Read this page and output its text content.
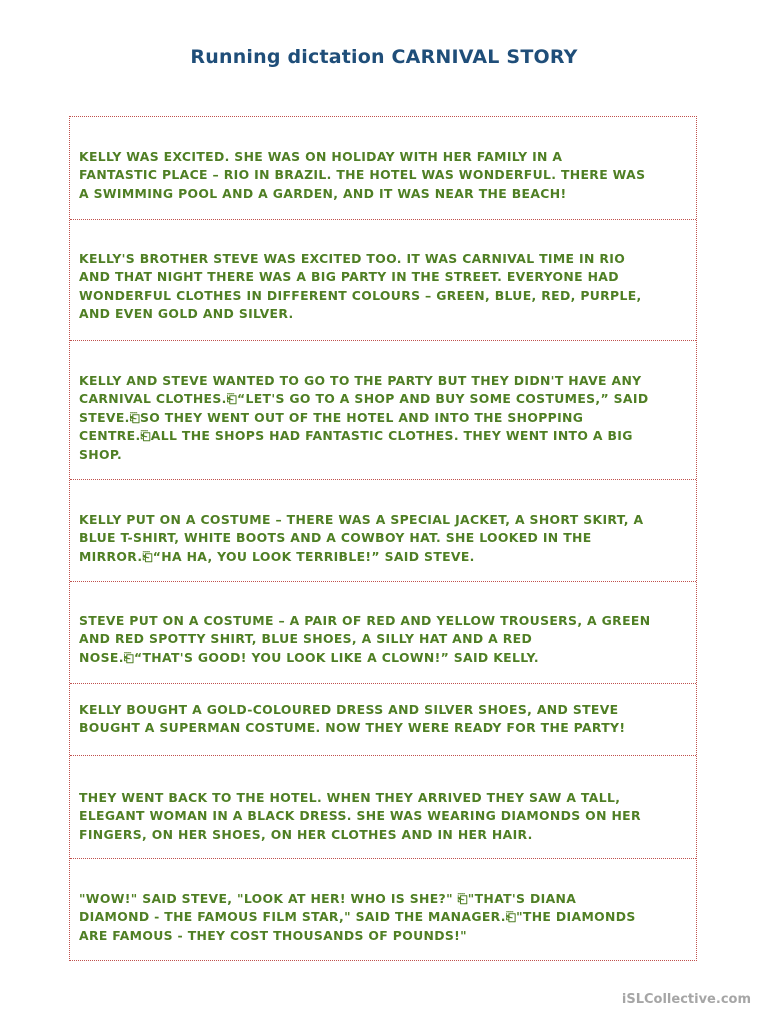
Running dictation CARNIVAL STORY
KELLY WAS EXCITED. SHE WAS ON HOLIDAY WITH HER FAMILY IN A
FANTASTIC PLACE – RIO IN BRAZIL. THE HOTEL WAS WONDERFUL. THERE WAS
A SWIMMING POOL AND A GARDEN, AND IT WAS NEAR THE BEACH!
KELLY'S BROTHER STEVE WAS EXCITED TOO. IT WAS CARNIVAL TIME IN RIO
AND THAT NIGHT THERE WAS A BIG PARTY IN THE STREET. EVERYONE HAD
WONDERFUL CLOTHES IN DIFFERENT COLOURS – GREEN, BLUE, RED, PURPLE,
AND EVEN GOLD AND SILVER.
KELLY AND STEVE WANTED TO GO TO THE PARTY BUT THEY DIDN'T HAVE ANY
CARNIVAL CLOTHES.⎗“LET'S GO TO A SHOP AND BUY SOME COSTUMES,” SAID
STEVE.⎗SO THEY WENT OUT OF THE HOTEL AND INTO THE SHOPPING
CENTRE.⎗ALL THE SHOPS HAD FANTASTIC CLOTHES. THEY WENT INTO A BIG
SHOP.
KELLY PUT ON A COSTUME – THERE WAS A SPECIAL JACKET, A SHORT SKIRT, A
BLUE T-SHIRT, WHITE BOOTS AND A COWBOY HAT. SHE LOOKED IN THE
MIRROR.⎗“HA HA, YOU LOOK TERRIBLE!” SAID STEVE.
STEVE PUT ON A COSTUME – A PAIR OF RED AND YELLOW TROUSERS, A GREEN
AND RED SPOTTY SHIRT, BLUE SHOES, A SILLY HAT AND A RED
NOSE.⎗“THAT'S GOOD! YOU LOOK LIKE A CLOWN!” SAID KELLY.
KELLY BOUGHT A GOLD-COLOURED DRESS AND SILVER SHOES, AND STEVE
BOUGHT A SUPERMAN COSTUME. NOW THEY WERE READY FOR THE PARTY!
THEY WENT BACK TO THE HOTEL. WHEN THEY ARRIVED THEY SAW A TALL,
ELEGANT WOMAN IN A BLACK DRESS. SHE WAS WEARING DIAMONDS ON HER
FINGERS, ON HER SHOES, ON HER CLOTHES AND IN HER HAIR.
"WOW!" SAID STEVE, "LOOK AT HER! WHO IS SHE?" ⎗"THAT'S DIANA
DIAMOND - THE FAMOUS FILM STAR," SAID THE MANAGER.⎗"THE DIAMONDS
ARE FAMOUS - THEY COST THOUSANDS OF POUNDS!"
iSLCollective.com
